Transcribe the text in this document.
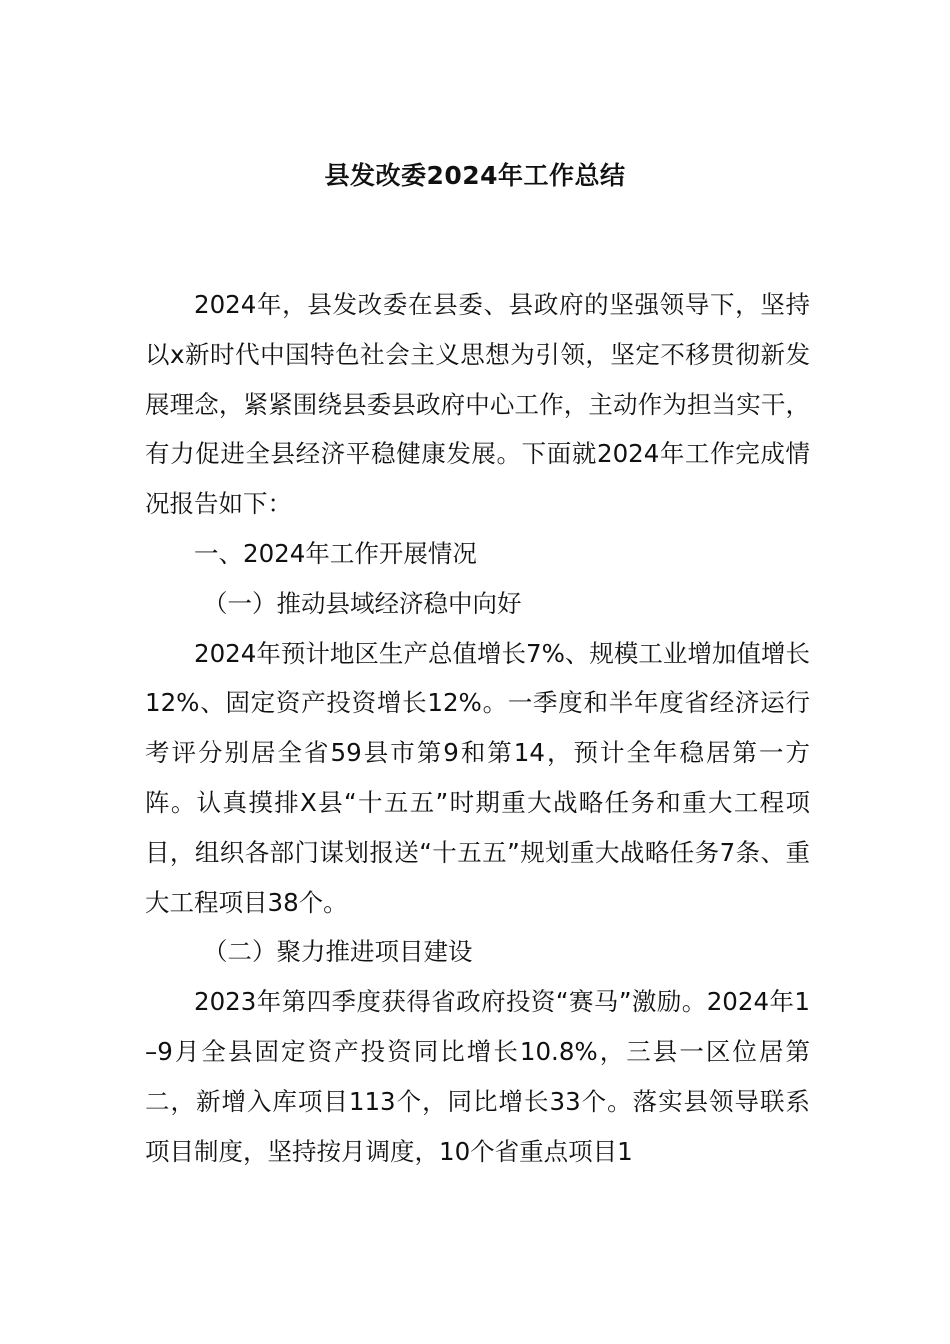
县发改委2024年工作总结

2024年，县发改委在县委、县政府的坚强领导下，坚持以x新时代中国特色社会主义思想为引领，坚定不移贯彻新发展理念，紧紧围绕县委县政府中心工作，主动作为担当实干，有力促进全县经济平稳健康发展。下面就2024年工作完成情况报告如下：

一、2024年工作开展情况

（一）推动县域经济稳中向好

2024年预计地区生产总值增长7%、规模工业增加值增长12%、固定资产投资增长12%。一季度和半年度省经济运行考评分别居全省59县市第9和第14，预计全年稳居第一方阵。认真摸排X县“十五五”时期重大战略任务和重大工程项目，组织各部门谋划报送“十五五”规划重大战略任务7条、重大工程项目38个。

（二）聚力推进项目建设

2023年第四季度获得省政府投资“赛马”激励。2024年1–9月全县固定资产投资同比增长10.8%，三县一区位居第二，新增入库项目113个，同比增长33个。落实县领导联系项目制度，坚持按月调度，10个省重点项目1
